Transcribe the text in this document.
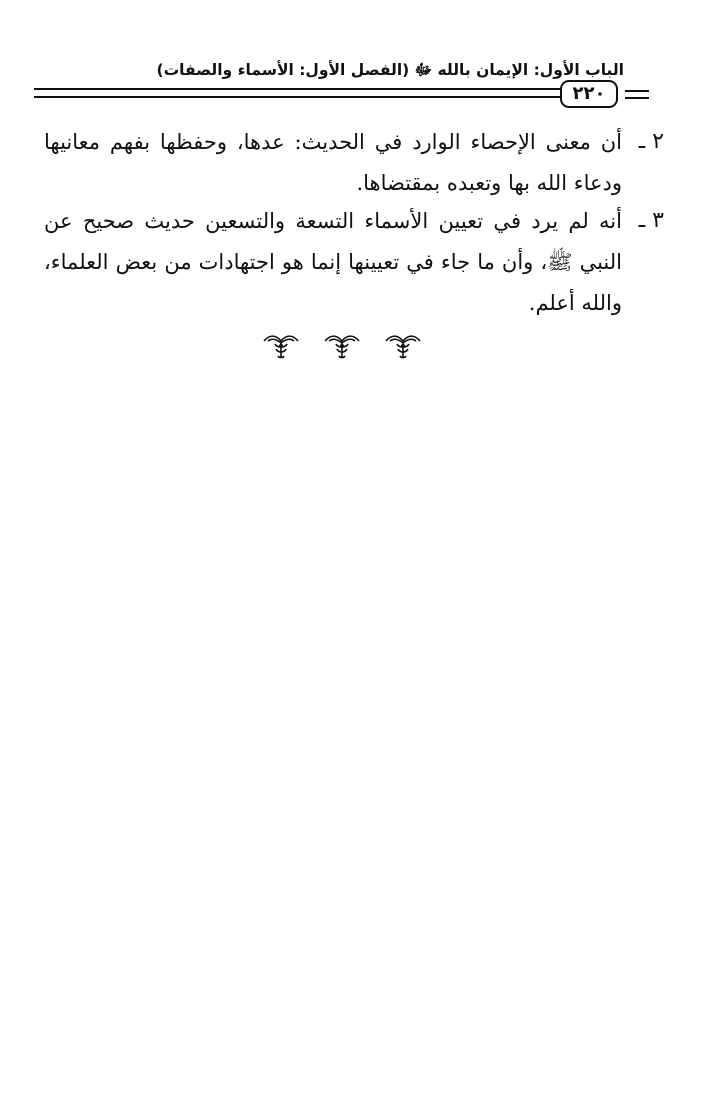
الباب الأول: الإيمان بالله ﷻ (الفصل الأول: الأسماء والصفات)
٢٢٠
٢ ـ
أن معنى الإحصاء الوارد في الحديث: عدها، وحفظها بفهم معانيها ودعاء الله بها وتعبده بمقتضاها.
٣ ـ
أنه لم يرد في تعيين الأسماء التسعة والتسعين حديث صحيح عن النبي ﷺ، وأن ما جاء في تعيينها إنما هو اجتهادات من بعض العلماء، والله أعلم.
